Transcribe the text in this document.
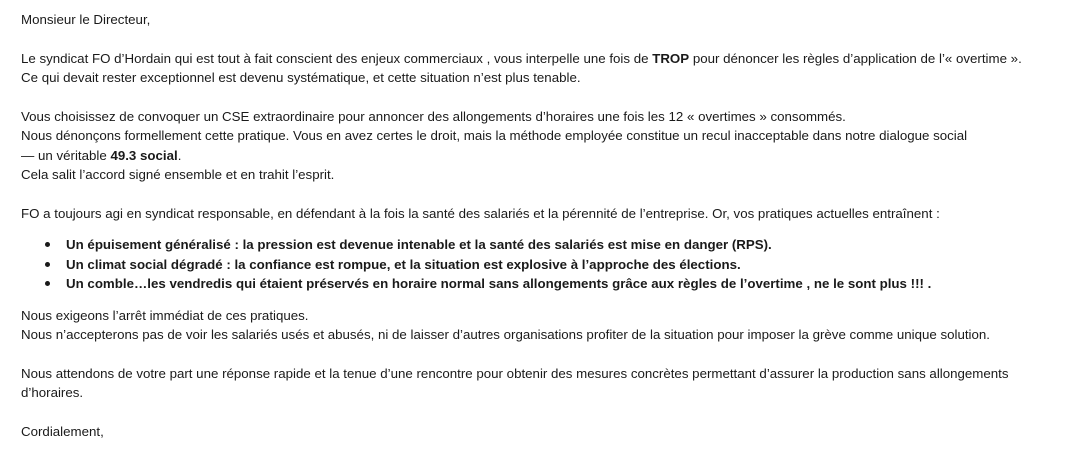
Monsieur le Directeur,

Le syndicat FO d’Hordain qui est tout à fait conscient des enjeux commerciaux , vous interpelle une fois de TROP pour dénoncer les règles d’application de l’« overtime ».

Ce qui devait rester exceptionnel est devenu systématique, et cette situation n’est plus tenable.

Vous choisissez de convoquer un CSE extraordinaire pour annoncer des allongements d’horaires une fois les 12 « overtimes » consommés.

Nous dénonçons formellement cette pratique. Vous en avez certes le droit, mais la méthode employée constitue un recul inacceptable dans notre dialogue social

— un véritable 49.3 social.

Cela salit l’accord signé ensemble et en trahit l’esprit.

FO a toujours agi en syndicat responsable, en défendant à la fois la santé des salariés et la pérennité de l’entreprise. Or, vos pratiques actuelles entraînent :

Un épuisement généralisé : la pression est devenue intenable et la santé des salariés est mise en danger (RPS).
Un climat social dégradé : la confiance est rompue, et la situation est explosive à l’approche des élections.
Un comble…les vendredis qui étaient préservés en horaire normal sans allongements grâce aux règles de l’overtime , ne le sont plus !!! .

Nous exigeons l’arrêt immédiat de ces pratiques.

Nous n’accepterons pas de voir les salariés usés et abusés, ni de laisser d’autres organisations profiter de la situation pour imposer la grève comme unique solution.

Nous attendons de votre part une réponse rapide et la tenue d’une rencontre pour obtenir des mesures concrètes permettant d’assurer la production sans allongements

d’horaires.

Cordialement,
